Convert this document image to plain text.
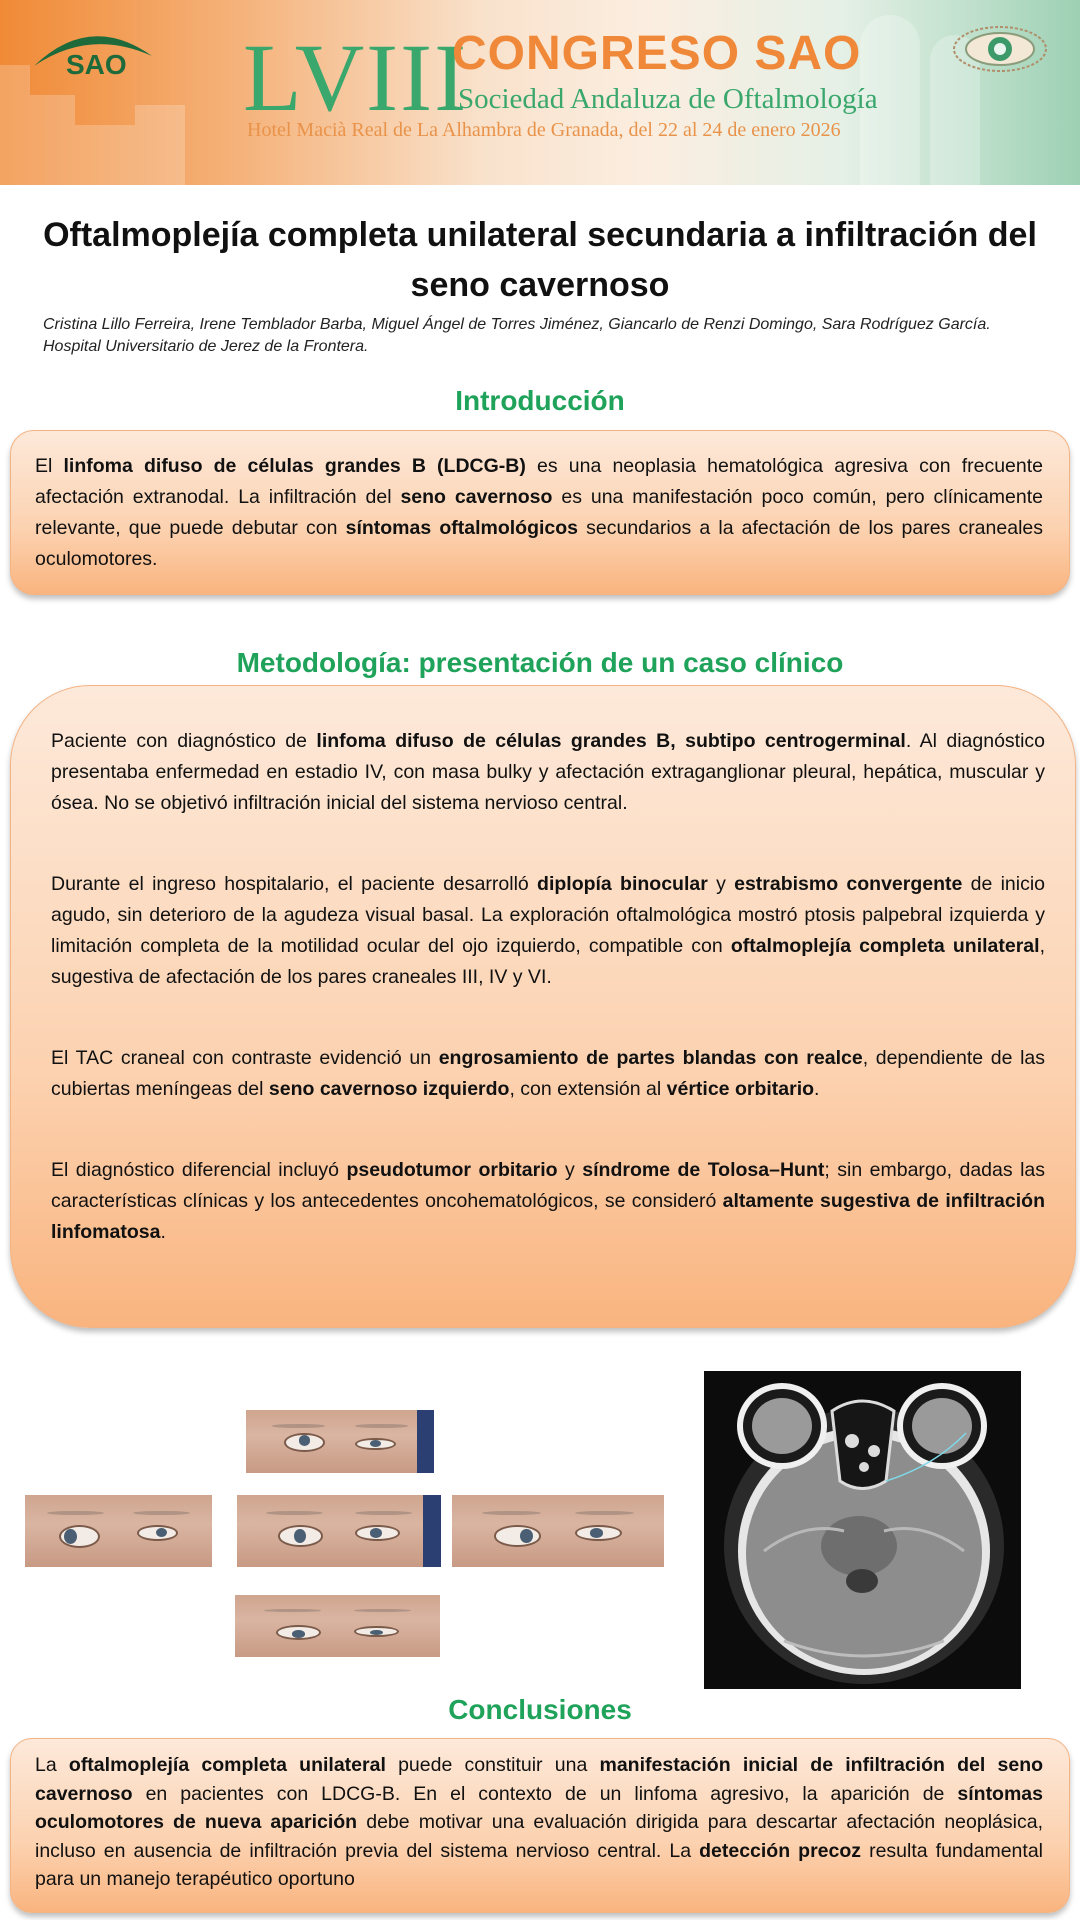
SAO LVIII
CONGRESO SAO
Sociedad Andaluza de Oftalmología
Hotel Macià Real de La Alhambra de Granada, del 22 al 24 de enero 2026
Oftalmoplejía completa unilateral secundaria a infiltración del seno cavernoso
Cristina Lillo Ferreira, Irene Temblador Barba, Miguel Ángel de Torres Jiménez, Giancarlo de Renzi Domingo, Sara Rodríguez García.
Hospital Universitario de Jerez de la Frontera.
Introducción

El linfoma difuso de células grandes B (LDCG-B) es una neoplasia hematológica agresiva con frecuente afectación extranodal. La infiltración del seno cavernoso es una manifestación poco común, pero clínicamente relevante, que puede debutar con síntomas oftalmológicos secundarios a la afectación de los pares craneales oculomotores.

Metodología: presentación de un caso clínico

Paciente con diagnóstico de linfoma difuso de células grandes B, subtipo centrogerminal. Al diagnóstico presentaba enfermedad en estadio IV, con masa bulky y afectación extraganglionar pleural, hepática, muscular y ósea. No se objetivó infiltración inicial del sistema nervioso central.

Durante el ingreso hospitalario, el paciente desarrolló diplopía binocular y estrabismo convergente de inicio agudo, sin deterioro de la agudeza visual basal. La exploración oftalmológica mostró ptosis palpebral izquierda y limitación completa de la motilidad ocular del ojo izquierdo, compatible con oftalmoplejía completa unilateral, sugestiva de afectación de los pares craneales III, IV y VI.

El TAC craneal con contraste evidenció un engrosamiento de partes blandas con realce, dependiente de las cubiertas meníngeas del seno cavernoso izquierdo, con extensión al vértice orbitario.

El diagnóstico diferencial incluyó pseudotumor orbitario y síndrome de Tolosa–Hunt; sin embargo, dadas las características clínicas y los antecedentes oncohematológicos, se consideró altamente sugestiva de infiltración linfomatosa.

Conclusiones

La oftalmoplejía completa unilateral puede constituir una manifestación inicial de infiltración del seno cavernoso en pacientes con LDCG-B. En el contexto de un linfoma agresivo, la aparición de síntomas oculomotores de nueva aparición debe motivar una evaluación dirigida para descartar afectación neoplásica, incluso en ausencia de infiltración previa del sistema nervioso central. La detección precoz resulta fundamental para un manejo terapéutico oportuno
